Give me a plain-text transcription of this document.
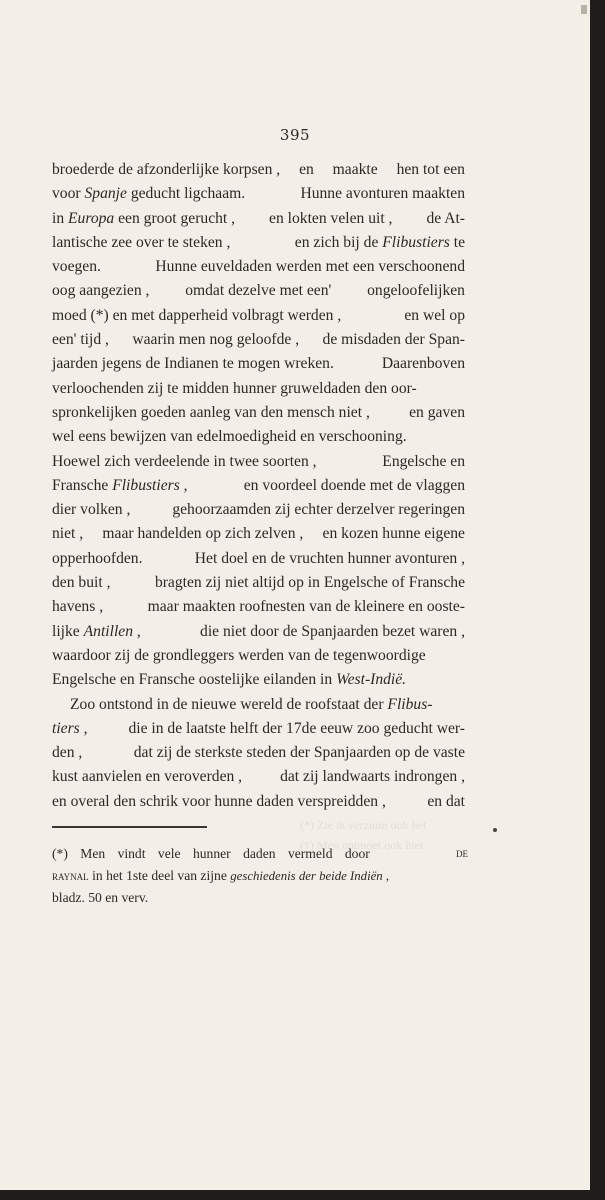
395
broederde de afzonderlijke korpsen , en maakte hen tot een
voor Spanje geducht ligchaam.	Hunne avonturen maakten
in Europa een groot gerucht , en lokten velen uit , de At-
lantische zee over te steken ,	en zich bij de Flibustiers te
voegen.	Hunne euveldaden werden met een verschoonend
oog aangezien , omdat dezelve met een' ongeloofelijken
moed (*) en met dapperheid volbragt werden ,	en wel op
een' tijd , waarin men nog geloofde , de misdaden der Span-
jaarden jegens de Indianen te mogen wreken.	Daarenboven
verloochenden zij te midden hunner gruweldaden den oor-
spronkelijken goeden aanleg van den mensch niet ,	en gaven
wel eens bewijzen van edelmoedigheid en verschooning.
Hoewel zich verdeelende in twee soorten ,	Engelsche en
Fransche Flibustiers ,	en voordeel doende met de vlaggen
dier volken ,	gehoorzaamden zij echter derzelver regeringen
niet , maar handelden op zich zelven , en kozen hunne eigene
opperhoofden.	Het doel en de vruchten hunner avonturen ,
den buit ,	bragten zij niet altijd op in Engelsche of Fransche
havens ,	maar maakten roofnesten van de kleinere en ooste-
lijke Antillen ,	die niet door de Spanjaarden bezet waren ,
waardoor zij de grondleggers werden van de tegenwoordige
Engelsche en Fransche oostelijke eilanden in West-Indië.
Zoo ontstond in de nieuwe wereld de roofstaat der Flibus-
tiers ,	die in de laatste helft der 17de eeuw zoo geducht wer-
den ,	dat zij de sterkste steden der Spanjaarden op de vaste
kust aanvielen en veroverden , dat zij landwaarts indrongen ,
en overal den schrik voor hunne daden verspreidden ,	en dat
(*) Zie ik verzuim ook het
(†) Men ontmoet ook hiet
(*) Men vindt vele hunner daden vermeld door	de
raynal in het 1ste deel van zijne geschiedenis der beide Indiën ,
bladz. 50 en verv.
